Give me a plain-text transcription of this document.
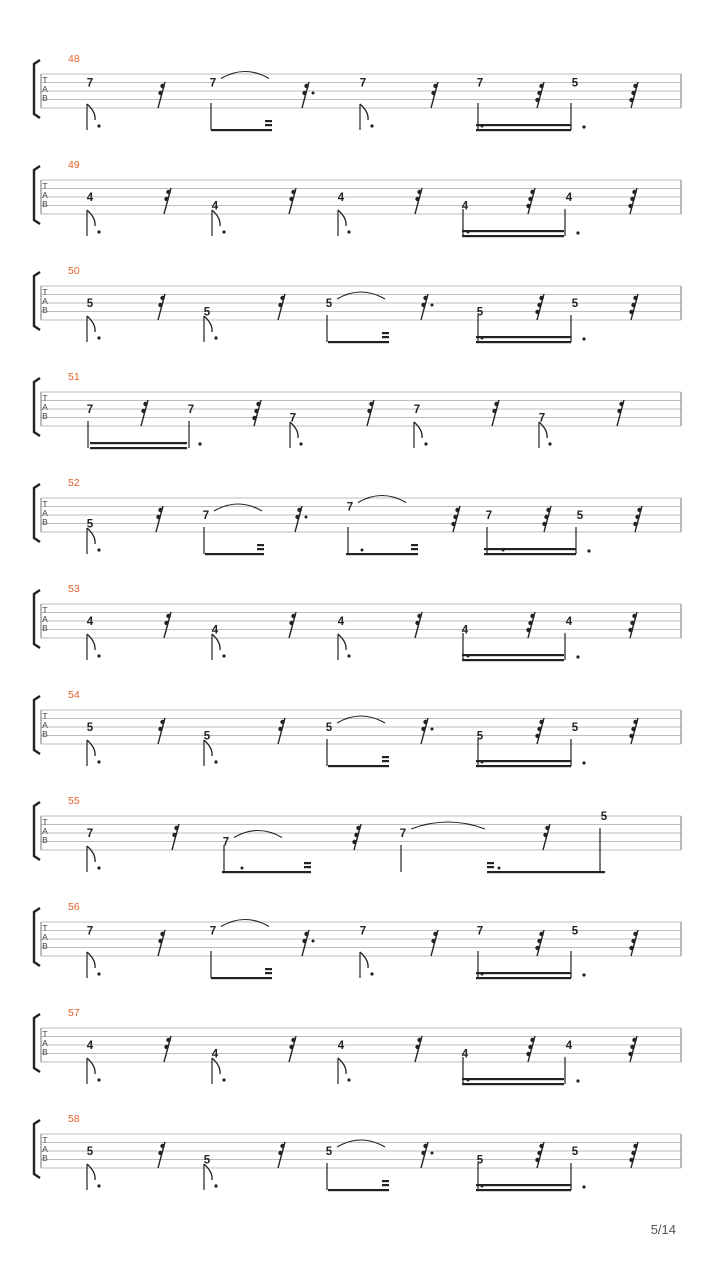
T
A
B
48
7	7	7	7	5
T
A
B
49
4
4
4
4
4
T
A
B
50
5
5
5
5
5
T
A
B
51
7	7
7
7
7
T
A
B
52
5
7
7
7	5
T
A
B
53
4
4
4
4
4
T
A
B
54
5
5
5
5
5
T
A
B
55
7
7
7
5
T
A
B
56
7	7	7	7	5
T
A
B
57
4
4
4
4
4
T
A
B
58
5
5
5
5
5
5/14
